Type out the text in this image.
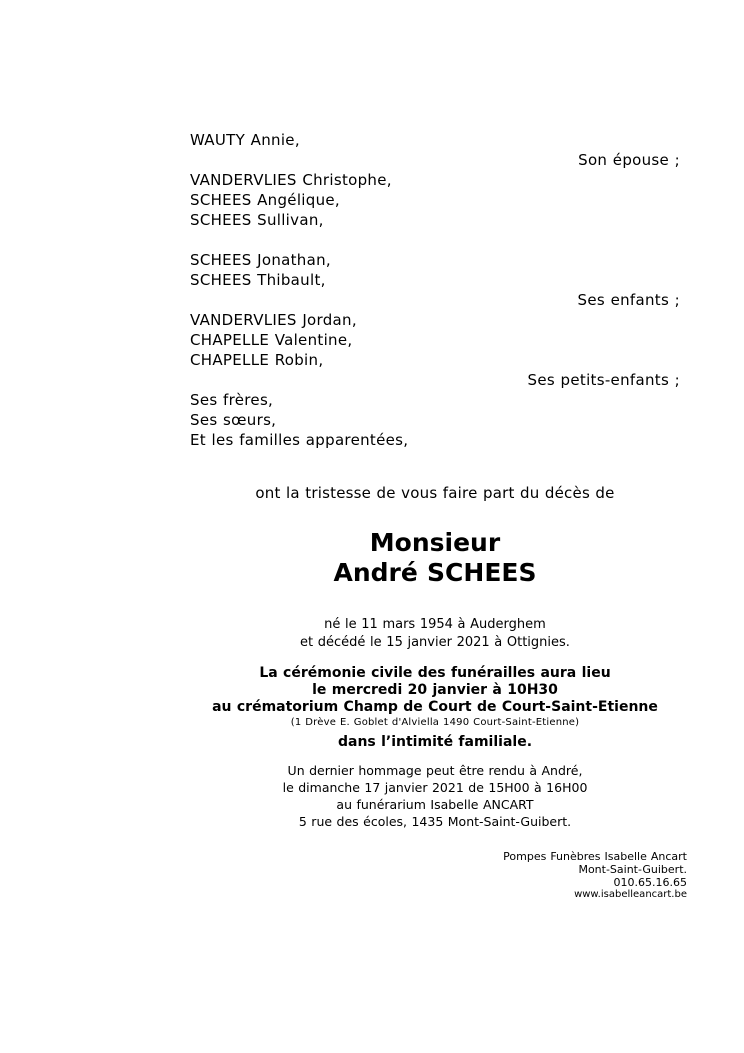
WAUTY Annie,
Son épouse ;
VANDERVLIES Christophe,
SCHEES Angélique,
SCHEES Sullivan,
SCHEES Jonathan,
SCHEES Thibault,
Ses enfants ;
VANDERVLIES Jordan,
CHAPELLE Valentine,
CHAPELLE Robin,
Ses petits-enfants ;
Ses frères,
Ses sœurs,
Et les familles apparentées,
ont la tristesse de vous faire part du décès de
Monsieur
André SCHEES
né le 11 mars 1954 à Auderghem
et décédé le 15 janvier 2021 à Ottignies.
La cérémonie civile des funérailles aura lieu
le mercredi 20 janvier à 10H30
au crématorium Champ de Court de Court-Saint-Etienne
(1 Drève E. Goblet d'Alviella 1490 Court-Saint-Etienne)
dans l’intimité familiale.
Un dernier hommage peut être rendu à André,
le dimanche 17 janvier 2021 de 15H00 à 16H00
au funérarium Isabelle ANCART
5 rue des écoles, 1435 Mont-Saint-Guibert.
Pompes Funèbres Isabelle Ancart
Mont-Saint-Guibert.
010.65.16.65
www.isabelleancart.be
